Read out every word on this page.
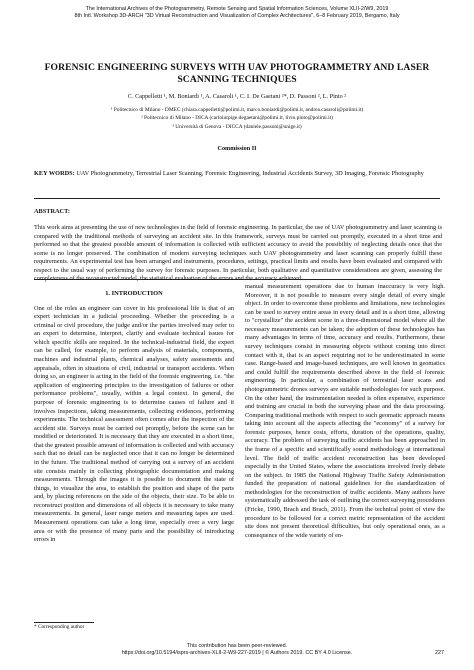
The International Archives of the Photogrammetry, Remote Sensing and Spatial Information Sciences, Volume XLII-2/W9, 2019
8th Intl. Workshop 3D-ARCH "3D Virtual Reconstruction and Visualization of Complex Architectures", 6–8 February 2019, Bergamo, Italy
FORENSIC ENGINEERING SURVEYS WITH UAV PHOTOGRAMMETRY AND LASER
SCANNING TECHNIQUES
C. Cappelletti ¹, M. Boniardi ¹, A. Casaroli ¹, C. I. De Gaetani ²*, D. Passoni ², L. Pinto ²
¹ Politecnico di Milano - DMEC (chiara.cappelletti@polimi.it, marco.boniardi@polimi.it, andrea.casaroli@polimi.it)
² Politecnico di Milano - DICA (carloiurpige.degaetani@polimi.it, livio.pinto@polimi.it)
³ Università di Genova - DICCA (daniele.passoni@unige.it)
Commission II
KEY WORDS: UAV Photogrammetry, Terrestrial Laser Scanning, Forensic Engineering, Industrial Accidents Survey, 3D Imaging, Forensic Photography
ABSTRACT:
This work aims at presenting the use of new technologies in the field of forensic engineering. In particular, the use of UAV photogrammetry and laser scanning is compared with the traditional methods of surveying an accident site. In this framework, surveys must be carried out promptly, executed in a short time and performed so that the greatest possible amount of information is collected with sufficient accuracy to avoid the possibility of neglecting details once that the scene is no longer preserved. The combination of modern surveying techniques such UAV photogrammetry and laser scanning can properly fulfill these requirements. An experimental test has been arranged and instruments, procedures, settings, practical limits and results have been evaluated and compared with respect to the usual way of performing the survey for forensic purposes. In particular, both qualitative and quantitative considerations are given, assessing the completeness of the reconstructed model, the statistical evaluation of the errors and the accuracy achieved.

1. INTRODUCTION

One of the roles an engineer can cover in his professional life is that of an expert technician in a judicial proceeding. Whether the proceeding is a criminal or civil procedure, the judge and/or the parties involved may refer to an expert to determine, interpret, clarify and evaluate technical issues for which specific skills are required. In the technical-industrial field, the expert can be called, for example, to perform analysis of materials, components, machines and industrial plants, chemical analyses, safety assessments and appraisals, often in situations of civil, industrial or transport accidents. When doing so, an engineer is acting in the field of the forensic engineering, i.e. "the application of engineering principles to the investigation of failures or other performance problems", usually, within a legal context. In general, the purpose of forensic engineering is to determine causes of failure and it involves inspections, taking measurements, collecting evidences, performing experiments. The technical assessment often comes after the inspection of the accident site. Surveys must be carried out promptly, before the scene can be modified or deteriorated. It is necessary that they are executed in a short time, that the greatest possible amount of information is collected and with accuracy such that no detail can be neglected once that it can no longer be determined in the future. The traditional method of carrying out a survey of an accident site consists mainly in collecting photographic documentation and making measurements. Through the images it is possible to document the state of things, to visualize the area, to establish the position and shape of the parts and, by placing references on the side of the objects, their size. To be able to reconstruct position and dimensions of all objects it is necessary to take many measurements. In general, laser range meters and measuring tapes are used. Measurement operations can take a long time, especially over a very large area or with the presence of many parts and the possibility of introducing errors in

manual measurement operations due to human inaccuracy is very high. Moreover, it is not possible to measure every single detail of every single object. In order to overcome these problems and limitations, new technologies can be used to survey entire areas in every detail and in a short time, allowing to "crystallize" the accident scene in a three-dimensional model where all the necessary measurements can be taken; the adoption of these technologies has many advantages in terms of time, accuracy and results. Furthermore, these survey techniques consist in measuring objects without coming into direct contact with it, that is an aspect requiring not to be underestimated in some case. Range-based and image-based techniques, are well known in geomatics and could fulfill the requirements described above in the field of forensic engineering. In particular, a combination of terrestrial laser scans and photogrammetric drones surveys are suitable methodologies for such purpose. On the other hand, the instrumentation needed is often expensive, experience and training are crucial in both the surveying phase and the data processing. Comparing traditional methods with respect to such geomatic approach means taking into account all the aspects affecting the "economy" of a survey for forensic purposes, hence costs, efforts, duration of the operations, quality, accuracy. The problem of surveying traffic accidents has been approached in the frame of a specific and scientifically sound methodology at international level. The field of traffic accident reconstruction has been developed especially in the United States, where the associations involved freely debate on the subject. In 1985 the National Highway Traffic Safety Administration funded the preparation of national guidelines for the standardization of methodologies for the reconstruction of traffic accidents. Many authors have systematically addressed the task of outlining the correct surveying procedures (Fricke, 1990, Brach and Brach, 2011). From the technical point of view the procedure to be followed for a correct metric representation of the accident site does not present theoretical difficulties, but only operational ones, as a consequence of the wide variety of en-

* Corresponding author
This contribution has been peer-reviewed.
https://doi.org/10.5194/isprs-archives-XLII-2-W9-227-2019 | © Authors 2019. CC BY 4.0 License.	227
